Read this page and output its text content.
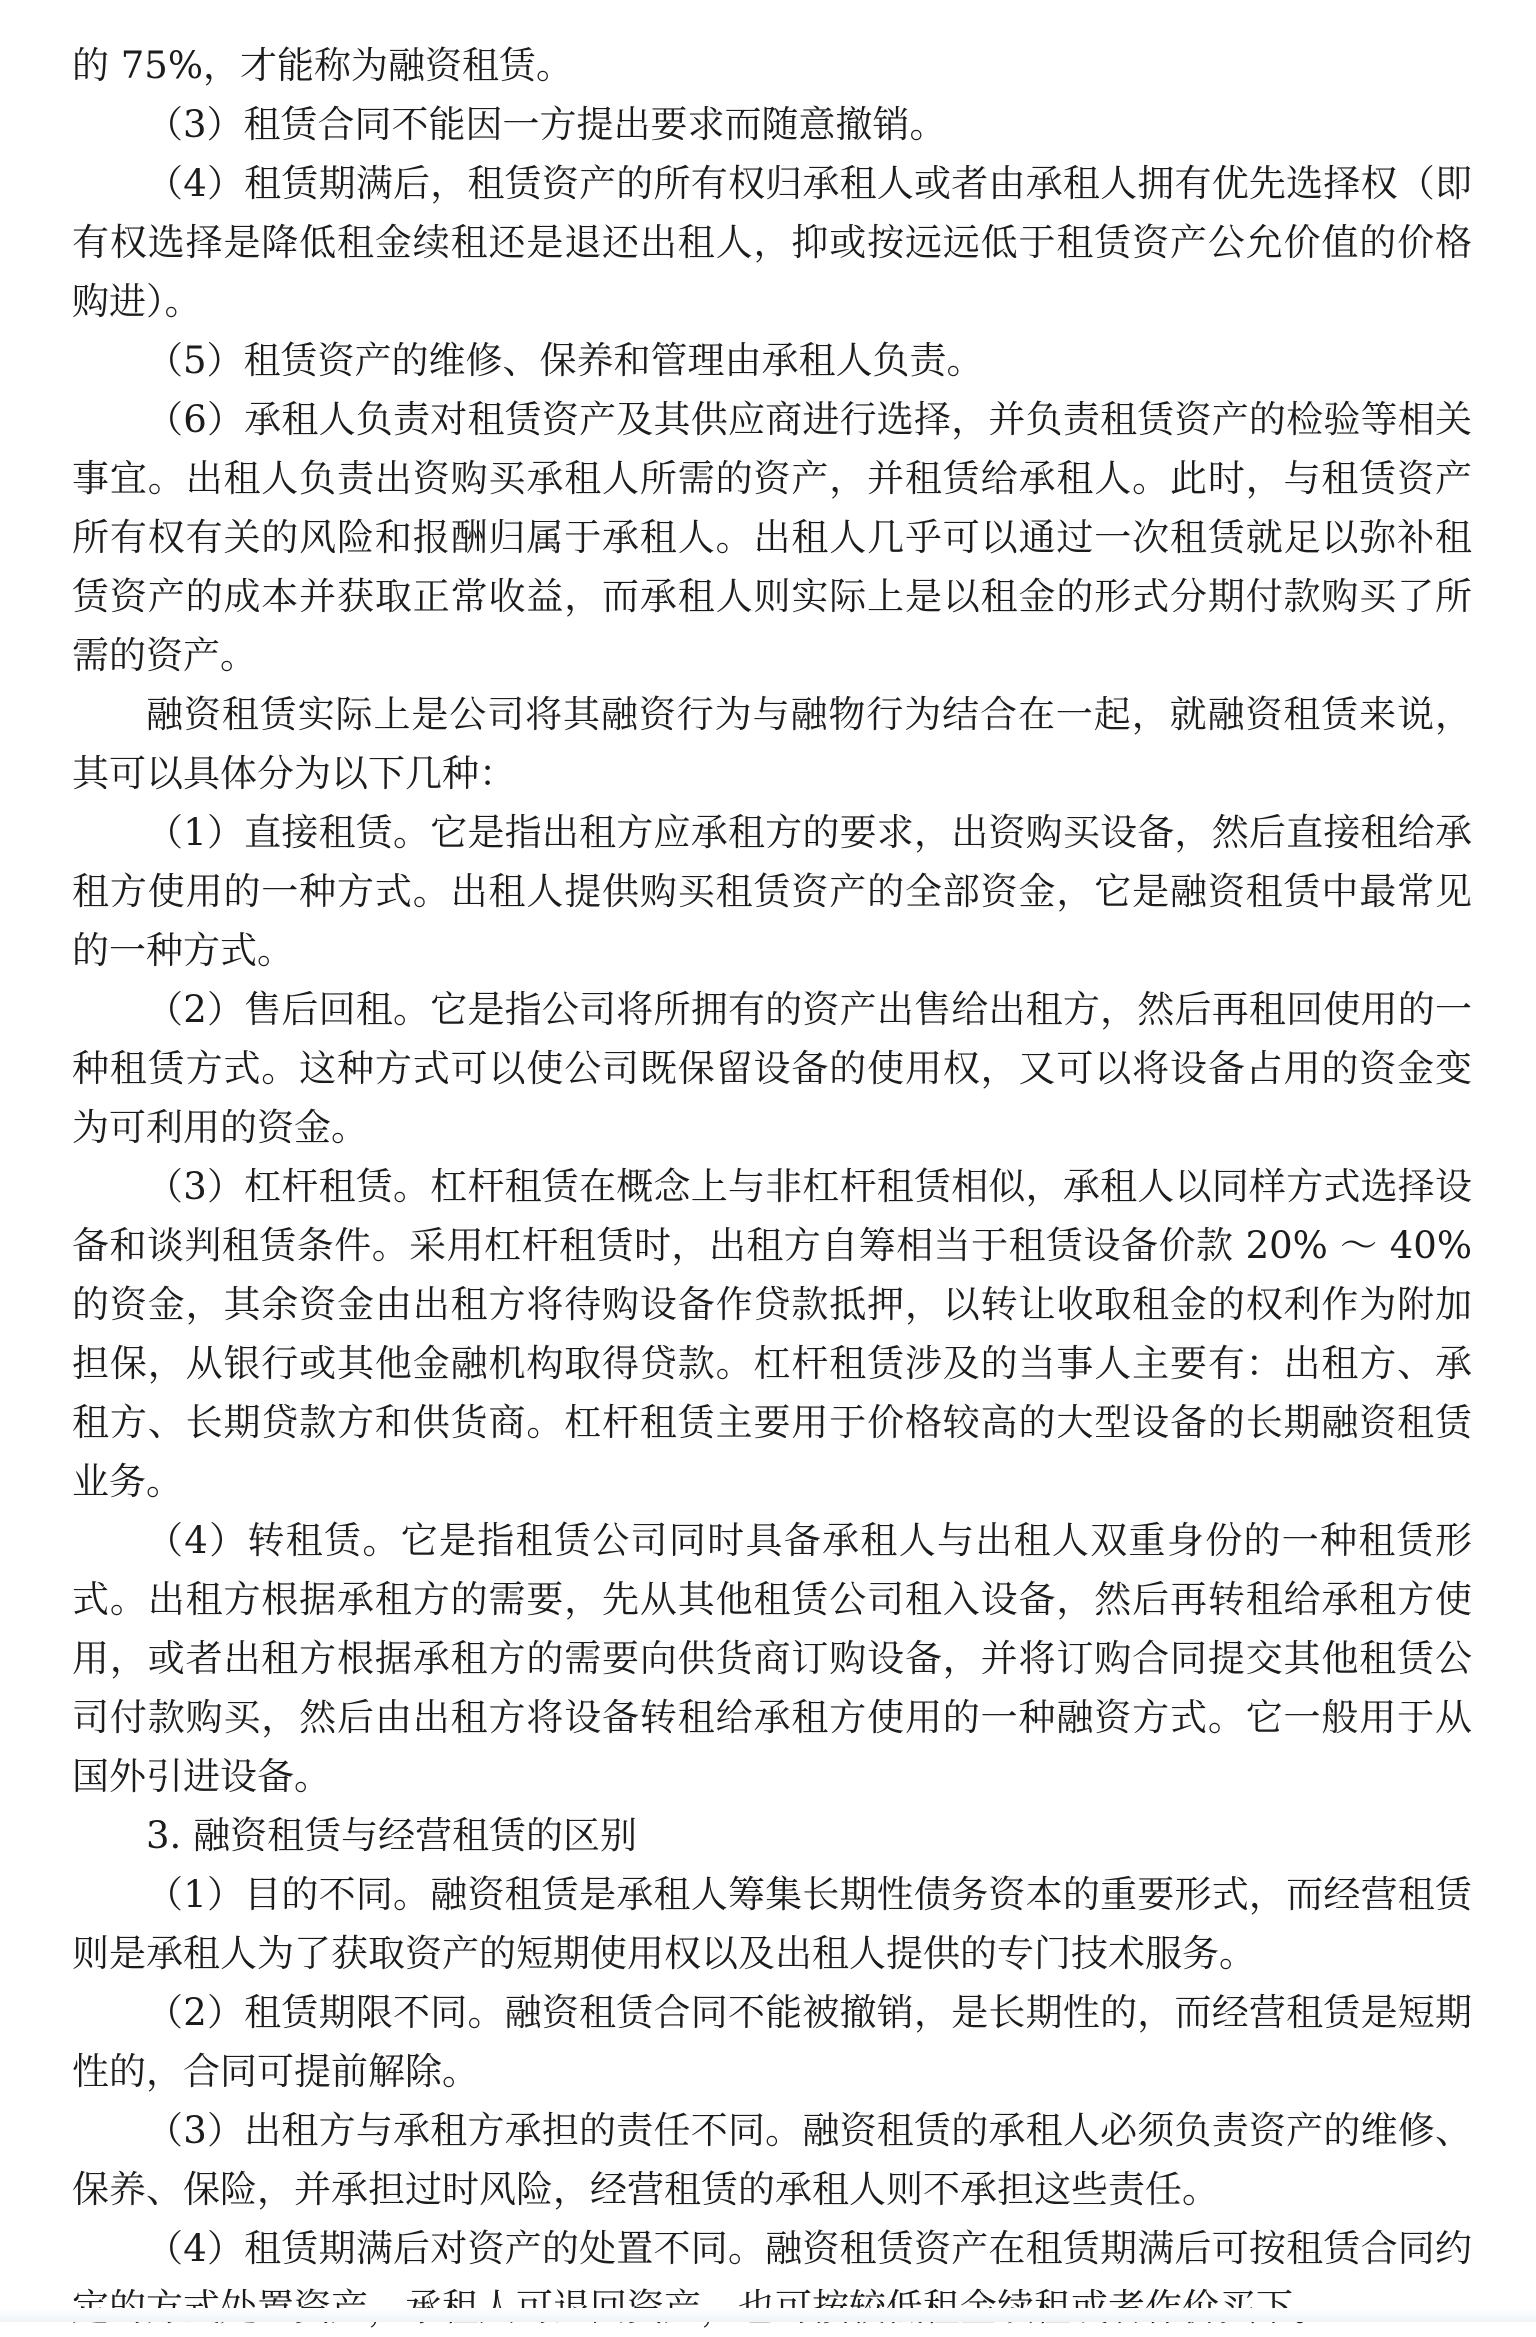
的 75%，才能称为融资租赁。

（3）租赁合同不能因一方提出要求而随意撤销。

（4）租赁期满后，租赁资产的所有权归承租人或者由承租人拥有优先选择权（即有权选择是降低租金续租还是退还出租人，抑或按远远低于租赁资产公允价值的价格购进）。

（5）租赁资产的维修、保养和管理由承租人负责。

（6）承租人负责对租赁资产及其供应商进行选择，并负责租赁资产的检验等相关事宜。出租人负责出资购买承租人所需的资产，并租赁给承租人。此时，与租赁资产所有权有关的风险和报酬归属于承租人。出租人几乎可以通过一次租赁就足以弥补租赁资产的成本并获取正常收益，而承租人则实际上是以租金的形式分期付款购买了所需的资产。

融资租赁实际上是公司将其融资行为与融物行为结合在一起，就融资租赁来说，其可以具体分为以下几种：

（1）直接租赁。它是指出租方应承租方的要求，出资购买设备，然后直接租给承租方使用的一种方式。出租人提供购买租赁资产的全部资金，它是融资租赁中最常见的一种方式。

（2）售后回租。它是指公司将所拥有的资产出售给出租方，然后再租回使用的一种租赁方式。这种方式可以使公司既保留设备的使用权，又可以将设备占用的资金变为可利用的资金。

（3）杠杆租赁。杠杆租赁在概念上与非杠杆租赁相似，承租人以同样方式选择设备和谈判租赁条件。采用杠杆租赁时，出租方自筹相当于租赁设备价款 20% ～ 40% 的资金，其余资金由出租方将待购设备作贷款抵押，以转让收取租金的权利作为附加担保，从银行或其他金融机构取得贷款。杠杆租赁涉及的当事人主要有：出租方、承租方、长期贷款方和供货商。杠杆租赁主要用于价格较高的大型设备的长期融资租赁业务。

（4）转租赁。它是指租赁公司同时具备承租人与出租人双重身份的一种租赁形式。出租方根据承租方的需要，先从其他租赁公司租入设备，然后再转租给承租方使用，或者出租方根据承租方的需要向供货商订购设备，并将订购合同提交其他租赁公司付款购买，然后由出租方将设备转租给承租方使用的一种融资方式。它一般用于从国外引进设备。

3. 融资租赁与经营租赁的区别

（1）目的不同。融资租赁是承租人筹集长期性债务资本的重要形式，而经营租赁则是承租人为了获取资产的短期使用权以及出租人提供的专门技术服务。

（2）租赁期限不同。融资租赁合同不能被撤销，是长期性的，而经营租赁是短期性的，合同可提前解除。

（3）出租方与承租方承担的责任不同。融资租赁的承租人必须负责资产的维修、保养、保险，并承担过时风险，经营租赁的承租人则不承担这些责任。

（4）租赁期满后对资产的处置不同。融资租赁资产在租赁期满后可按租赁合同约
